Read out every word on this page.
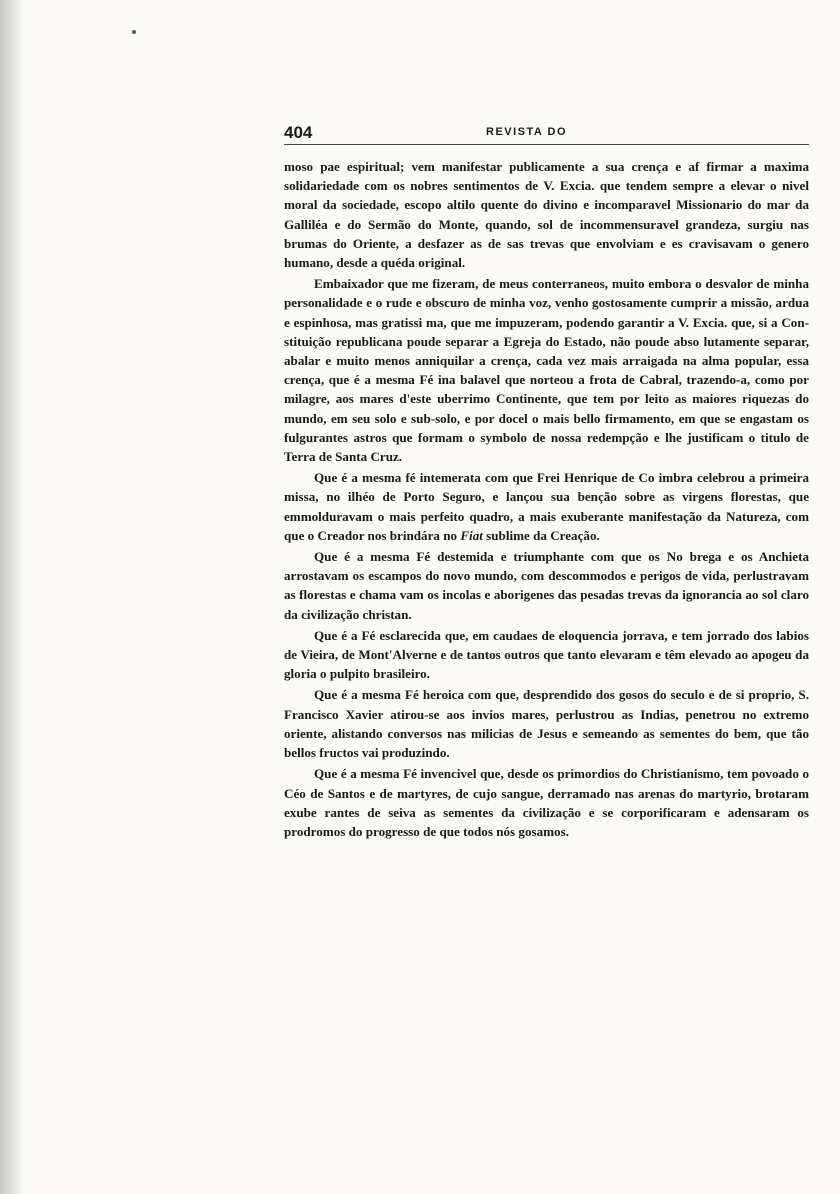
404	REVISTA DO

moso pae espiritual; vem manifestar publicamente a sua crença e af firmar a maxima solidariedade com os nobres sentimentos de V. Excia. que tendem sempre a elevar o nivel moral da sociedade, escopo altilo quente do divino e incomparavel Missionario do mar da Galliléa e do Sermão do Monte, quando, sol de incommensuravel grandeza, surgiu nas brumas do Oriente, a desfazer as de sas trevas que envolviam e es cravisavam o genero humano, desde a quéda original.

Embaixador que me fizeram, de meus conterraneos, muito embora o desvalor de minha personalidade e o rude e obscuro de minha voz, venho gostosamente cumprir a missão, ardua e espinhosa, mas gratissi ma, que me impuzeram, podendo garantir a V. Excia. que, si a Con stituição republicana poude separar a Egreja do Estado, não poude abso lutamente separar, abalar e muito menos anniquilar a crença, cada vez mais arraigada na alma popular, essa crença, que é a mesma Fé ina balavel que norteou a frota de Cabral, trazendo-a, como por milagre, aos mares d'este uberrimo Continente, que tem por leito as maiores riquezas do mundo, em seu solo e sub-solo, e por docel o mais bello firmamento, em que se engastam os fulgurantes astros que formam o symbolo de nossa redempção e lhe justificam o titulo de Terra de Santa Cruz.

Que é a mesma fé intemerata com que Frei Henrique de Co imbra celebrou a primeira missa, no ilhéo de Porto Seguro, e lançou sua benção sobre as virgens florestas, que emmolduravam o mais perfeito quadro, a mais exuberante manifestação da Natureza, com que o Creador nos brindára no Fiat sublime da Creação.

Que é a mesma Fé destemida e triumphante com que os No brega e os Anchieta arrostavam os escampos do novo mundo, com descommodos e perigos de vida, perlustravam as florestas e chama vam os incolas e aborigenes das pesadas trevas da ignorancia ao sol claro da civilização christan.

Que é a Fé esclarecida que, em caudaes de eloquencia jorrava, e tem jorrado dos labios de Vieira, de Mont'Alverne e de tantos outros que tanto elevaram e têm elevado ao apogeu da gloria o pulpito brasileiro.

Que é a mesma Fé heroica com que, desprendido dos gosos do seculo e de si proprio, S. Francisco Xavier atirou-se aos invios mares, perlustrou as Indias, penetrou no extremo oriente, alistando conversos nas milicias de Jesus e semeando as sementes do bem, que tão bellos fructos vai produzindo.

Que é a mesma Fé invencivel que, desde os primordios do Christianismo, tem povoado o Céo de Santos e de martyres, de cujo sangue, derramado nas arenas do martyrio, brotaram exube rantes de seiva as sementes da civilização e se corporificaram e adensaram os prodromos do progresso de que todos nós gosamos.
